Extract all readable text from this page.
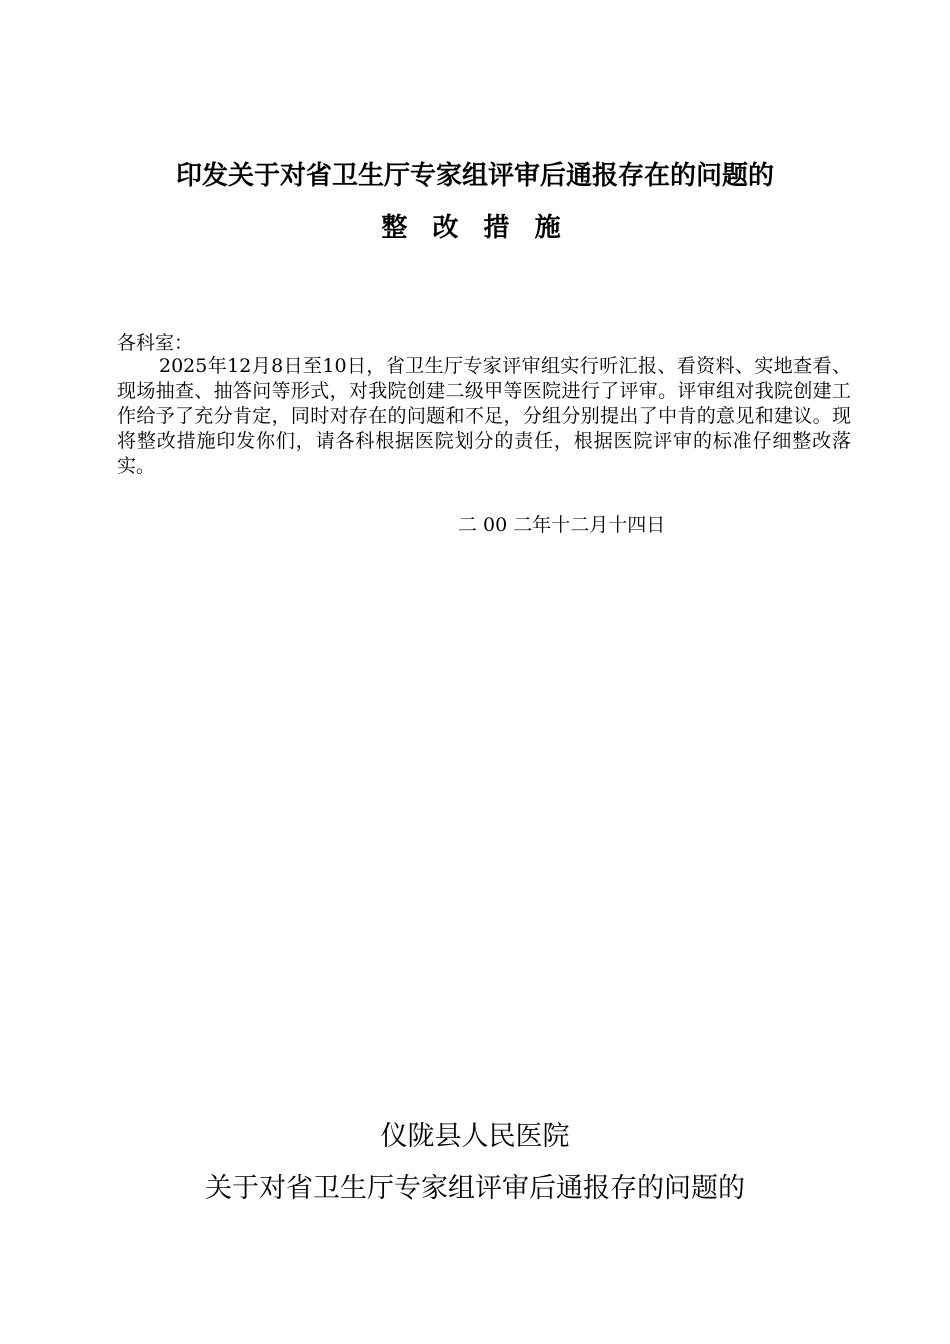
印发关于对省卫生厅专家组评审后通报存在的问题的
整 改 措 施
各科室：
2025年12月8日至10日，省卫生厅专家评审组实行听汇报、看资料、实地查看、现场抽查、抽答问等形式，对我院创建二级甲等医院进行了评审。评审组对我院创建工作给予了充分肯定，同时对存在的问题和不足，分组分别提出了中肯的意见和建议。现将整改措施印发你们，请各科根据医院划分的责任，根据医院评审的标准仔细整改落实。
二 00 二年十二月十四日
仪陇县人民医院
关于对省卫生厅专家组评审后通报存的问题的
